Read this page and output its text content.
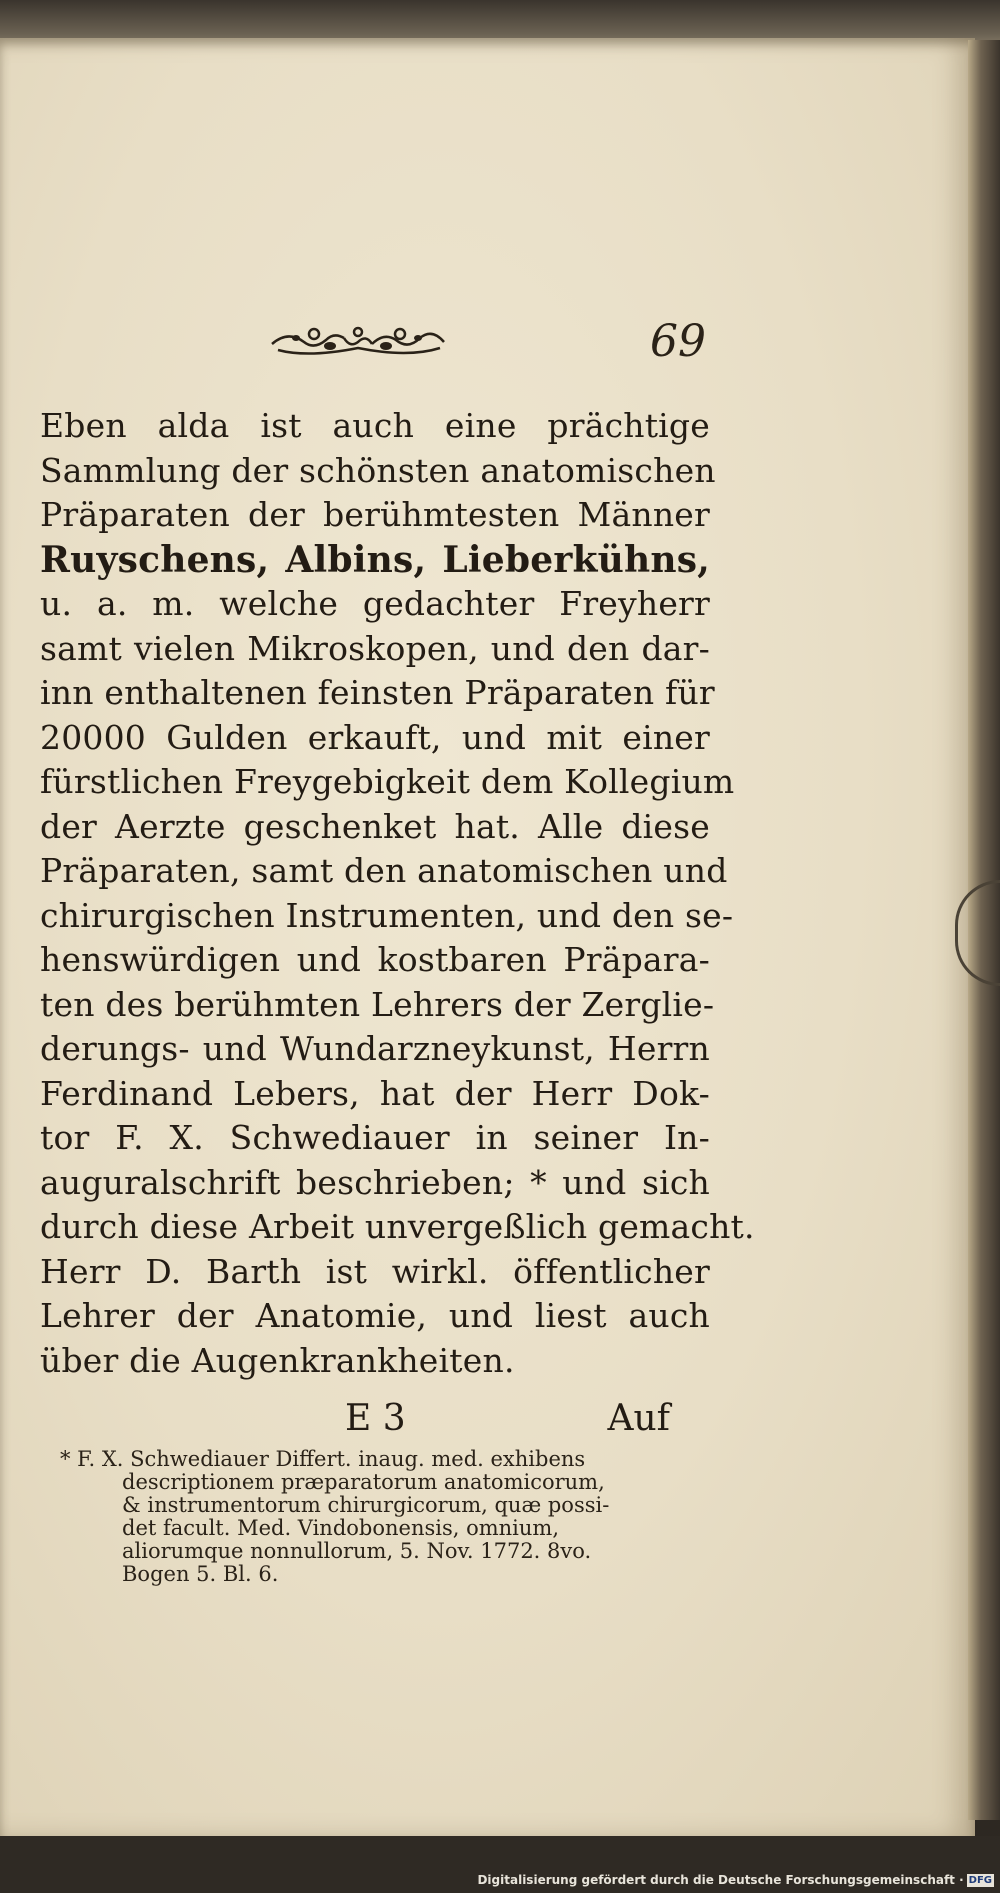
69
Eben alda ist auch eine prächtige
Sammlung der schönsten anatomischen
Präparaten der berühmtesten Männer
Ruyschens, Albins, Lieberkühns,
u. a. m. welche gedachter Freyherr
samt vielen Mikroskopen, und den dar-
inn enthaltenen feinsten Präparaten für
20000 Gulden erkauft, und mit einer
fürstlichen Freygebigkeit dem Kollegium
der Aerzte geschenket hat. Alle diese
Präparaten, samt den anatomischen und
chirurgischen Instrumenten, und den se-
henswürdigen und kostbaren Präpara-
ten des berühmten Lehrers der Zerglie-
derungs- und Wundarzneykunst, Herrn
Ferdinand Lebers, hat der Herr Dok-
tor F. X. Schwediauer in seiner In-
auguralschrift beschrieben; * und sich
durch diese Arbeit unvergeßlich gemacht.
Herr D. Barth ist wirkl. öffentlicher
Lehrer der Anatomie, und liest auch
über die Augenkrankheiten.
E 3	Auf
* F. X. Schwediauer Differt. inaug. med. exhibens
descriptionem præparatorum anatomicorum,
& instrumentorum chirurgicorum, quæ possi-
det facult. Med. Vindobonensis, omnium,
aliorumque nonnullorum, 5. Nov. 1772. 8vo.
Bogen 5. Bl. 6.
Digitalisierung gefördert durch die Deutsche Forschungsgemeinschaft · DFG
